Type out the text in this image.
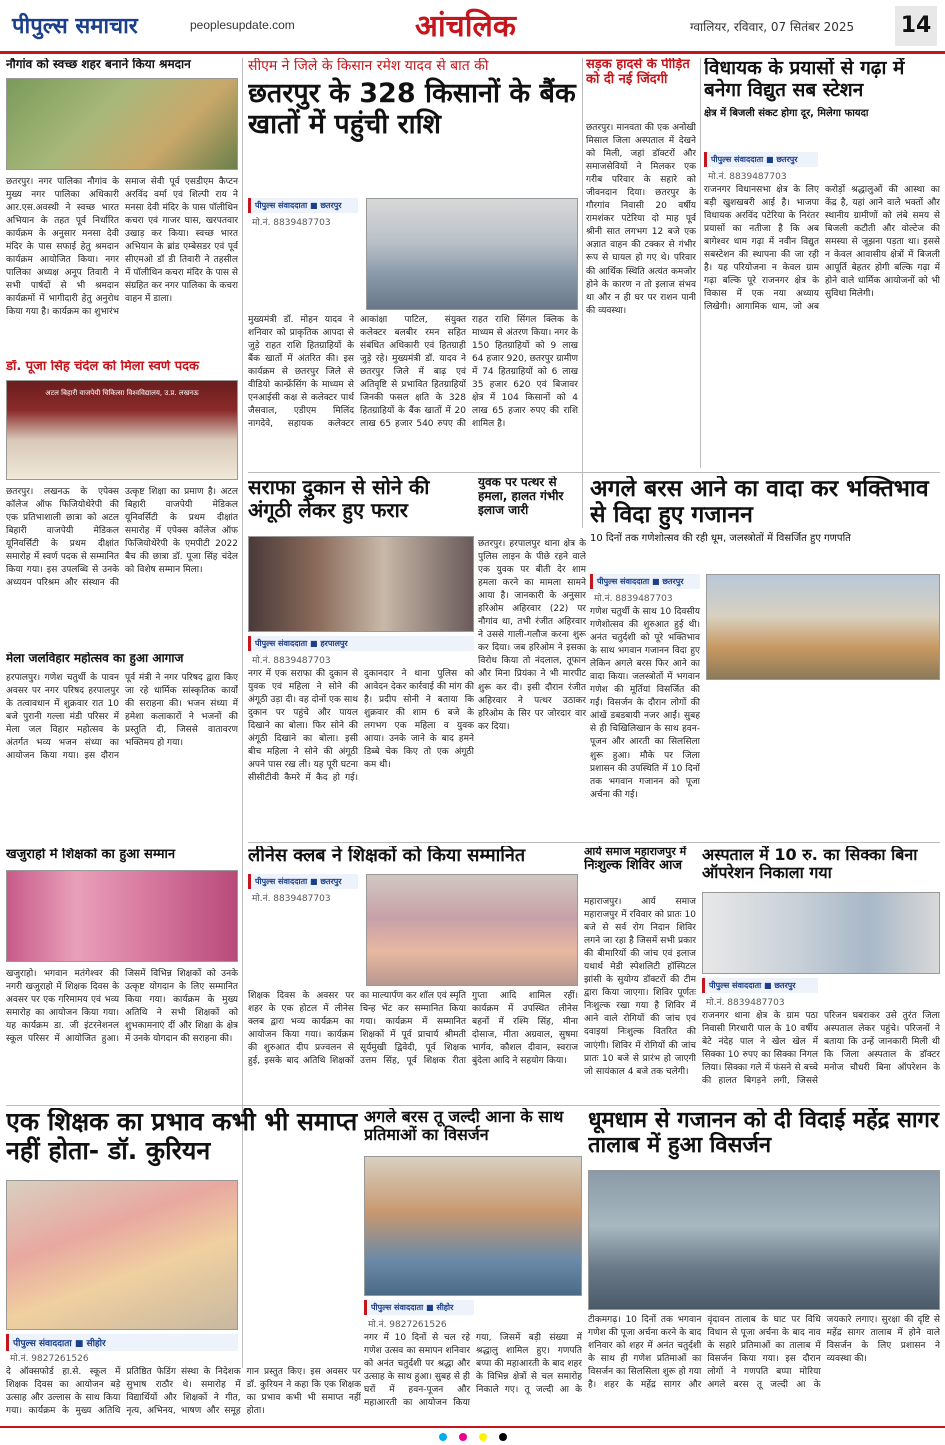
पीपुल्स समाचार	peoplesupdate.com	आंचलिक	ग्वालियर, रविवार, 07 सितंबर 2025 14
नौगांव को स्वच्छ शहर बनाने किया श्रमदान
छतरपुर। नगर पालिका नौगांव के मुख्य नगर पालिका अधिकारी आर.एस.अवस्थी ने स्वच्छ भारत अभियान के तहत पूर्व निर्धारित कार्यक्रम के अनुसार मनसा देवी मंदिर के पास सफाई हेतु श्रमदान कार्यक्रम आयोजित किया। नगर पालिका अध्यक्ष अनूप तिवारी ने सभी पार्षदों से भी श्रमदान कार्यक्रमों में भागीदारी हेतु अनुरोध किया गया है। कार्यक्रम का शुभारंभ समाज सेवी पूर्व एसडीएम कैप्टन अरविंद वर्मा एवं शिल्पी राय ने मनसा देवी मंदिर के पास पॉलीथिन कचरा एवं गाजर घास, खरपतवार उखाड़ कर किया। स्वच्छ भारत अभियान के ब्रांड एम्बेसडर एवं पूर्व सीएमओ डॉ डी तिवारी ने तहसील में पॉलीथिन कचरा मंदिर के पास से संग्रहित कर नगर पालिका के कचरा वाहन में डाला।
डॉ. पूजा सिंह चंदेल को मिला स्वर्ण पदक
अटल बिहारी वाजपेयी चिकित्सा विश्वविद्यालय, उ.प्र. लखनऊ
छतरपुर। लखनऊ के एपेक्स कॉलेज ऑफ फिजियोथेरेपी की एक प्रतिभाशाली छात्रा को अटल बिहारी वाजपेयी मेडिकल यूनिवर्सिटी के प्रथम दीक्षांत समारोह में स्वर्ण पदक से सम्मानित किया गया। इस उपलब्धि से उनके अध्ययन परिश्रम और संस्थान की उत्कृष्ट शिक्षा का प्रमाण है। अटल बिहारी वाजपेयी मेडिकल यूनिवर्सिटी के प्रथम दीक्षांत समारोह में एपेक्स कॉलेज ऑफ फिजियोथेरेपी के एमपीटी 2022 बैच की छात्रा डॉ. पूजा सिंह चंदेल को विशेष सम्मान मिला।
मेला जलविहार महोत्सव का हुआ आगाज
हरपालपुर। गणेश चतुर्थी के पावन अवसर पर नगर परिषद हरपालपुर के तत्वावधान में शुक्रवार रात 10 बजे पुरानी गल्ला मंडी परिसर में मेला जल विहार महोत्सव के अंतर्गत भव्य भजन संध्या का आयोजन किया गया। इस दौरान पूर्व मंत्री ने नगर परिषद द्वारा किए जा रहे धार्मिक सांस्कृतिक कार्यों की सराहना की। भजन संध्या में हमेशा कलाकारों ने भजनों की प्रस्तुति दी, जिससे वातावरण भक्तिमय हो गया।
खजुराहो में शिक्षकों का हुआ सम्मान
खजुराहो। भगवान मतंगेश्वर की नगरी खजुराहो में शिक्षक दिवस के अवसर पर एक गरिमामय एवं भव्य समारोह का आयोजन किया गया। यह कार्यक्रम डा. जी इंटरनेशनल स्कूल परिसर में आयोजित हुआ। जिसमें विभिन्न शिक्षकों को उनके उत्कृष्ट योगदान के लिए सम्मानित किया गया। कार्यक्रम के मुख्य अतिथि ने सभी शिक्षकों को शुभकामनाएं दीं और शिक्षा के क्षेत्र में उनके योगदान की सराहना की।
एक शिक्षक का प्रभाव कभी भी समाप्त नहीं होता- डॉ. कुरियन
पीपुल्स संवाददाता ■ सीहोर
मो.नं. 9827261526
दे ऑक्सफोर्ड हा.से. स्कूल में शिक्षक दिवस का आयोजन बड़े उत्साह और उल्लास के साथ किया गया। कार्यक्रम के मुख्य अतिथि प्रतिष्ठित फेडिंग संस्था के निदेशक सुभाष राठौर थे। समारोह में विद्यार्थियों और शिक्षकों ने गीत, नृत्य, अभिनय, भाषण और समूह गान प्रस्तुत किए। इस अवसर पर डॉ. कुरियन ने कहा कि एक शिक्षक का प्रभाव कभी भी समाप्त नहीं होता।
सीएम ने जिले के किसान रमेश यादव से बात की
छतरपुर के 328 किसानों के बैंक खातों में पहुंची राशि
पीपुल्स संवाददाता ■ छतरपुर
मो.नं. 8839487703
मुख्यमंत्री डॉ. मोहन यादव ने शनिवार को प्राकृतिक आपदा से जुड़े राहत राशि हितग्राहियों के बैंक खातों में अंतरित की। इस कार्यक्रम से छतरपुर जिले से वीडियो कान्फ्रेंसिंग के माध्यम से एनआईसी कक्ष से कलेक्टर पार्थ जैसवाल, एडीएम मिलिंद नागदेवे, सहायक कलेक्टर आकांक्षा पाटिल, संयुक्त कलेक्टर बलबीर रमन सहित संबंधित अधिकारी एवं हितग्राही जुड़े रहे। मुख्यमंत्री डॉ. यादव ने छतरपुर जिले में बाढ़ एवं अतिवृष्टि से प्रभावित हितग्राहियों जिनकी फसल क्षति के 328 हितग्राहियों के बैंक खातों में 20 लाख 65 हजार 540 रुपए की राहत राशि सिंगल क्लिक के माध्यम से अंतरण किया। नगर के 150 हितग्राहियों को 9 लाख 64 हजार 920, छतरपुर ग्रामीण में 74 हितग्राहियों को 6 लाख 35 हजार 620 एवं बिजावर क्षेत्र में 104 किसानों को 4 लाख 65 हजार रुपए की राशि शामिल है।
सड़क हादसे के पीड़ित को दी नई जिंदगी
छतरपुर। मानवता की एक अनोखी मिसाल जिला अस्पताल में देखने को मिली, जहां डॉक्टरों और समाजसेवियों ने मिलकर एक गरीब परिवार के सहारे को जीवनदान दिया। छतरपुर के गौरगांव निवासी 20 वर्षीय रामशंकर पटेरिया दो माह पूर्व श्रीनी सात लगभग 12 बजे एक अज्ञात वाहन की टक्कर से गंभीर रूप से घायल हो गए थे। परिवार की आर्थिक स्थिति अत्यंत कमजोर होने के कारण न तो इलाज संभव था और न ही घर पर राशन पानी की व्यवस्था।
विधायक के प्रयासों से गढ़ा में बनेगा विद्युत सब स्टेशन
क्षेत्र में बिजली संकट होगा दूर, मिलेगा फायदा
पीपुल्स संवाददाता ■ छतरपुर
मो.नं. 8839487703
राजनगर विधानसभा क्षेत्र के लिए बड़ी खुशखबरी आई है। भाजपा विधायक अरविंद पटेरिया के निरंतर प्रयासों का नतीजा है कि अब बागेश्वर धाम गढ़ा में नवीन विद्युत सबस्टेशन की स्थापना की जा रही है। यह परियोजना न केवल ग्राम गढ़ा बल्कि पूरे राजनगर क्षेत्र के विकास में एक नया अध्याय लिखेगी। आगामिक धाम, जो अब करोड़ों श्रद्धालुओं की आस्था का केंद्र है, यहां आने वाले भक्तों और स्थानीय ग्रामीणों को लंबे समय से बिजली कटौती और वोल्टेज की समस्या से जूझना पड़ता था। इससे न केवल आवासीय क्षेत्रों में बिजली आपूर्ति बेहतर होगी बल्कि गढ़ा में होने वाले धार्मिक आयोजनों को भी सुविधा मिलेगी।
सराफा दुकान से सोने की अंगूठी लेकर हुए फरार
पीपुल्स संवाददाता ■ हरपालपुर
मो.नं. 8839487703
नगर में एक सराफा की दुकान से युवक एवं महिला ने सोने की अंगूठी उड़ा दी। वह दोनों एक साथ दुकान पर पहुंचे और पायल दिखाने का बोला। फिर सोने की अंगूठी दिखाने का बोला। इसी बीच महिला ने सोने की अंगूठी अपने पास रख ली। यह पूरी घटना सीसीटीवी कैमरे में कैद हो गई। दुकानदार ने थाना पुलिस को आवेदन देकर कार्रवाई की मांग की है। प्रदीप सोनी ने बताया कि शुक्रवार की शाम 6 बजे के लगभग एक महिला व युवक आया। उनके जाने के बाद हमने डिब्बे चेक किए तो एक अंगूठी कम थी।
युवक पर पत्थर से हमला, हालत गंभीर इलाज जारी
छतरपुर। हरपालपुर थाना क्षेत्र के पुलिस लाइन के पीछे रहने वाले एक युवक पर बीती देर शाम हमला करने का मामला सामने आया है। जानकारी के अनुसार हरिओम अहिरवार (22) पर नौगांव था, तभी रंजीत अहिरवार ने उससे गाली-गलौज करना शुरू कर दिया। जब हरिओम ने इसका विरोध किया तो नंदलाल, तूफान और मिना प्रियंका ने भी मारपीट शुरू कर दी। इसी दौरान रंजीत अहिरवार ने पत्थर उठाकर हरिओम के सिर पर जोरदार वार कर दिया।
अगले बरस आने का वादा कर भक्तिभाव से विदा हुए गजानन
10 दिनों तक गणेशोत्सव की रही धूम, जलस्त्रोतों में विसर्जित हुए गणपति
पीपुल्स संवाददाता ■ छतरपुर
मो.नं. 8839487703
गणेश चतुर्थी के साथ 10 दिवसीय गणेशोत्सव की शुरुआत हुई थी। अनंत चतुर्दशी को पूरे भक्तिभाव के साथ भगवान गजानन विदा हुए लेकिन अगले बरस फिर आने का वादा किया। जलस्त्रोतों में भगवान गणेश की मूर्तियां विसर्जित की गईं। विसर्जन के दौरान लोगों की आंखें डबडबायी नजर आईं। सुबह से ही चिखिलिखान के साथ हवन-पूजन और आरती का सिलसिला शुरू हुआ। मौके पर जिला प्रशासन की उपस्थिति में 10 दिनों तक भगवान गजानन को पूजा अर्चना की गई।
लीनेस क्लब ने शिक्षकों को किया सम्मानित
पीपुल्स संवाददाता ■ छतरपुर
मो.नं. 8839487703
शिक्षक दिवस के अवसर पर शहर के एक होटल में लीनेस क्लब द्वारा भव्य कार्यक्रम का आयोजन किया गया। कार्यक्रम की शुरुआत दीप प्रज्वलन से हुई, इसके बाद अतिथि शिक्षकों का माल्यार्पण कर शॉल एवं स्मृति चिन्ह भेंट कर सम्मानित किया गया। कार्यक्रम में सम्मानित शिक्षकों में पूर्व प्राचार्य श्रीमती सूर्यमुखी द्विवेदी, पूर्व शिक्षक उत्तम सिंह, पूर्व शिक्षक रीता गुप्ता आदि शामिल रहीं। कार्यक्रम में उपस्थित लीनेस बहनों में रश्मि सिंह, मीना दोसाज, मीता अग्रवाल, सुषमा भार्गव, कौशल दीवान, स्वराज बुंदेला आदि ने सहयोग किया।
आर्य समाज महाराजपुर में
निःशुल्क शिविर आज
महाराजपुर। आर्य समाज महाराजपुर में रविवार को प्रातः 10 बजे से सर्व रोग निदान शिविर लगने जा रहा है जिसमें सभी प्रकार की बीमारियों की जांच एवं इलाज यथार्थ मेडी स्पेशलिटी हॉस्पिटल झांसी के सुयोग्य डॉक्टरों की टीम द्वारा किया जाएगा। शिविर पूर्णतः निःशुल्क रखा गया है शिविर में आने वाले रोगियों की जांच एवं दवाइयां निःशुल्क वितरित की जाएंगी। शिविर में रोगियों की जांच प्रातः 10 बजे से प्रारंभ हो जाएगी जो सायंकाल 4 बजे तक चलेगी।
अस्पताल में 10 रु. का सिक्का बिना ऑपरेशन निकाला गया
पीपुल्स संवाददाता ■ छतरपुर
मो.नं. 8839487703
राजनगर थाना क्षेत्र के ग्राम पठा निवासी गिरधारी पाल के 10 वर्षीय बेटे नंदेह पाल ने खेल खेल में सिक्का 10 रुपए का सिक्का निगल लिया। सिक्का गले में फंसने से बच्चे की हालत बिगड़ने लगी, जिससे परिजन घबराकर उसे तुरंत जिला अस्पताल लेकर पहुंचे। परिजनों ने बताया कि उन्हें जानकारी मिली थी कि जिला अस्पताल के डॉक्टर मनोज चौधरी बिना ऑपरेशन के
अगले बरस तू जल्दी आना के साथ प्रतिमाओं का विसर्जन
पीपुल्स संवाददाता ■ सीहोर
मो.नं. 9827261526
नगर में 10 दिनों से चल रहे गणेश उत्सव का समापन शनिवार को अनंत चतुर्दशी पर श्रद्धा और उत्साह के साथ हुआ। सुबह से ही घरों में हवन-पूजन और महाआरती का आयोजन किया गया, जिसमें बड़ी संख्या में श्रद्धालु शामिल हुए। गणपति बप्पा की महाआरती के बाद शहर के विभिन्न क्षेत्रों से चल समारोह निकाले गए। तू जल्दी आ के
धूमधाम से गजानन को दी विदाई महेंद्र सागर तालाब में हुआ विसर्जन
टीकमगढ़। 10 दिनों तक भगवान गणेश की पूजा अर्चना करने के बाद शनिवार को शहर में अनंत चतुर्दशी के साथ ही गणेश प्रतिमाओं का विसर्जन का सिलसिला शुरू हो गया है। शहर के महेंद्र सागर और वृंदावन तालाब के घाट पर विधि विधान से पूजा अर्चना के बाद नाव के सहारे प्रतिमाओं का तालाब में विसर्जन किया गया। इस दौरान लोगों ने गणपति बप्पा मोरिया अगले बरस तू जल्दी आ के जयकारे लगाए। सुरक्षा की दृष्टि से महेंद्र सागर तालाब में होने वाले विसर्जन के लिए प्रशासन ने व्यवस्था की।
